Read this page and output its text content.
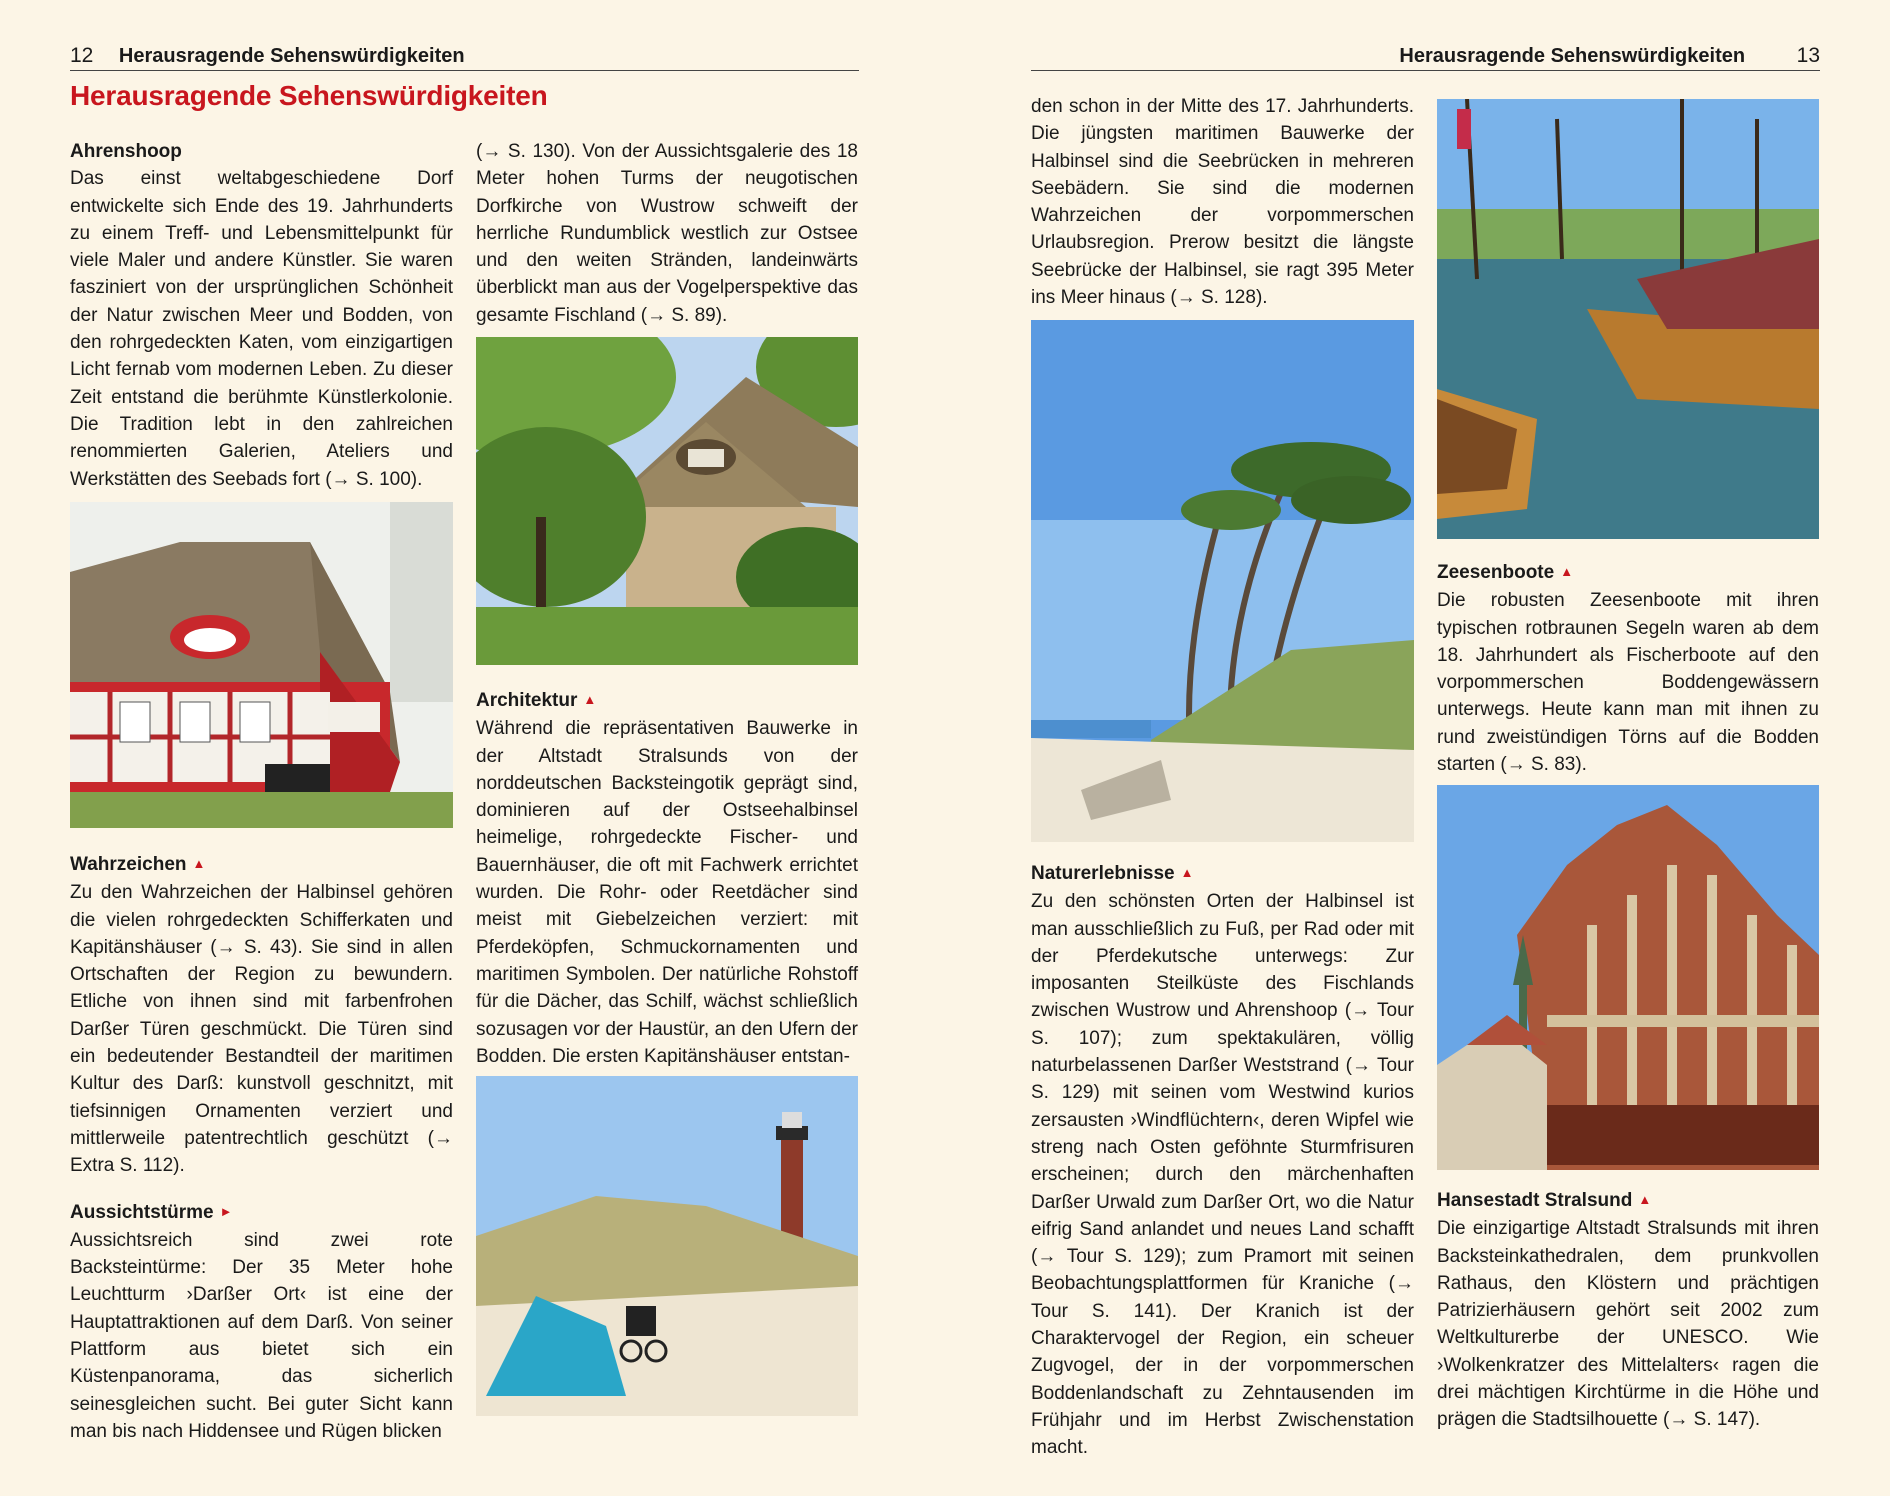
12 Herausragende Sehenswürdigkeiten
Herausragende Sehenswürdigkeiten
Ahrenshoop

Das einst weltabgeschiedene Dorf entwickelte sich Ende des 19. Jahrhunderts zu einem Treff- und Lebensmittelpunkt für viele Maler und andere Künstler. Sie waren fasziniert von der ursprünglichen Schönheit der Natur zwischen Meer und Bodden, von den rohrgedeckten Katen, vom einzigartigen Licht fernab vom modernen Leben. Zu dieser Zeit entstand die berühmte Künstlerkolonie. Die Tradition lebt in den zahlreichen renommierten Galerien, Ateliers und Werkstätten des Seebads fort (→ S. 100).

Wahrzeichen ▲

Zu den Wahrzeichen der Halbinsel gehören die vielen rohrgedeckten Schifferkaten und Kapitänshäuser (→ S. 43). Sie sind in allen Ortschaften der Region zu bewundern. Etliche von ihnen sind mit farbenfrohen Darßer Türen geschmückt. Die Türen sind ein bedeutender Bestandteil der maritimen Kultur des Darß: kunstvoll geschnitzt, mit tiefsinnigen Ornamenten verziert und mittlerweile patentrechtlich geschützt (→ Extra S. 112).

Aussichtstürme ►

Aussichtsreich sind zwei rote Backsteintürme: Der 35 Meter hohe Leuchtturm ›Darßer Ort‹ ist eine der Hauptattraktionen auf dem Darß. Von seiner Plattform aus bietet sich ein Küstenpanorama, das sicherlich seinesgleichen sucht. Bei guter Sicht kann man bis nach Hiddensee und Rügen blicken

(→ S. 130). Von der Aussichtsgalerie des 18 Meter hohen Turms der neugotischen Dorfkirche von Wustrow schweift der herrliche Rundumblick westlich zur Ostsee und den weiten Stränden, landeinwärts überblickt man aus der Vogelperspektive das gesamte Fischland (→ S. 89).

Architektur ▲

Während die repräsentativen Bauwerke in der Altstadt Stralsunds von der norddeutschen Backsteingotik geprägt sind, dominieren auf der Ostseehalbinsel heimelige, rohrgedeckte Fischer- und Bauernhäuser, die oft mit Fachwerk errichtet wurden. Die Rohr- oder Reetdächer sind meist mit Giebelzeichen verziert: mit Pferdeköpfen, Schmuckornamenten und maritimen Symbolen. Der natürliche Rohstoff für die Dächer, das Schilf, wächst schließlich sozusagen vor der Haustür, an den Ufern der Bodden. Die ersten Kapitänshäuser entstan-

Herausragende Sehenswürdigkeiten 13

den schon in der Mitte des 17. Jahrhunderts. Die jüngsten maritimen Bauwerke der Halbinsel sind die Seebrücken in mehreren Seebädern. Sie sind die modernen Wahrzeichen der vorpommerschen Urlaubsregion. Prerow besitzt die längste Seebrücke der Halbinsel, sie ragt 395 Meter ins Meer hinaus (→ S. 128).

Naturerlebnisse ▲

Zu den schönsten Orten der Halbinsel ist man ausschließlich zu Fuß, per Rad oder mit der Pferdekutsche unterwegs: Zur imposanten Steilküste des Fischlands zwischen Wustrow und Ahrenshoop (→ Tour S. 107); zum spektakulären, völlig naturbelassenen Darßer Weststrand (→ Tour S. 129) mit seinen vom Westwind kurios zersausten ›Windflüchtern‹, deren Wipfel wie streng nach Osten geföhnte Sturmfrisuren erscheinen; durch den märchenhaften Darßer Urwald zum Darßer Ort, wo die Natur eifrig Sand anlandet und neues Land schafft (→ Tour S. 129); zum Pramort mit seinen Beobachtungsplattformen für Kraniche (→ Tour S. 141). Der Kranich ist der Charaktervogel der Region, ein scheuer Zugvogel, der in der vorpommerschen Boddenlandschaft zu Zehntausenden im Frühjahr und im Herbst Zwischenstation macht.

Zeesenboote ▲

Die robusten Zeesenboote mit ihren typischen rotbraunen Segeln waren ab dem 18. Jahrhundert als Fischerboote auf den vorpommerschen Boddengewässern unterwegs. Heute kann man mit ihnen zu rund zweistündigen Törns auf die Bodden starten (→ S. 83).

Hansestadt Stralsund ▲

Die einzigartige Altstadt Stralsunds mit ihren Backsteinkathedralen, dem prunkvollen Rathaus, den Klöstern und prächtigen Patrizierhäusern gehört seit 2002 zum Weltkulturerbe der UNESCO. Wie ›Wolkenkratzer des Mittelalters‹ ragen die drei mächtigen Kirchtürme in die Höhe und prägen die Stadtsilhouette (→ S. 147).
